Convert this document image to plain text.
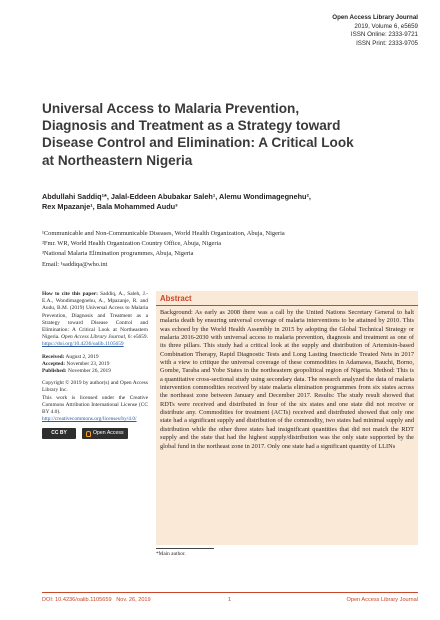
Open Access Library Journal
2019, Volume 6, e5659
ISSN Online: 2333-9721
ISSN Print: 2333-9705
Universal Access to Malaria Prevention, Diagnosis and Treatment as a Strategy toward Disease Control and Elimination: A Critical Look at Northeastern Nigeria
Abdullahi Saddiq¹*, Jalal-Eddeen Abubakar Saleh¹, Alemu Wondimagegnehu²,
Rex Mpazanje¹, Bala Mohammed Audu³
¹Communicable and Non-Communicable Diseases, World Health Organization, Abuja, Nigeria
²Fmr. WR, World Health Organization Country Office, Abuja, Nigeria
³National Malaria Elimination programmes, Abuja, Nigeria
Email: ¹saddiqa@who.int

How to cite this paper: Saddiq, A., Saleh, J.-E.A., Wondimagegnehu, A., Mpazanje, R. and Audu, B.M. (2019) Universal Access to Malaria Prevention, Diagnosis and Treatment as a Strategy toward Disease Control and Elimination: A Critical Look at Northeastern Nigeria. Open Access Library Journal, 6: e5659. https://doi.org/10.4236/oalib.1105659

Received: August 2, 2019
Accepted: November 23, 2019
Published: November 26, 2019

Copyright © 2019 by author(s) and Open Access Library Inc.
This work is licensed under the Creative Commons Attribution International License (CC BY 4.0).
http://creativecommons.org/licenses/by/4.0/

CC BY	Open Access
Abstract

Background: As early as 2008 there was a call by the United Nations Secretary General to halt malaria death by ensuring universal coverage of malaria interventions to be attained by 2010. This was echoed by the World Health Assembly in 2015 by adopting the Global Technical Strategy or malaria 2016-2030 with universal access to malaria prevention, diagnosis and treatment as one of its three pillars. This study had a critical look at the supply and distribution of Artemisin-based Combination Therapy, Rapid Diagnostic Tests and Long Lasting Insecticide Treated Nets in 2017 with a view to critique the universal coverage of these commodities in Adamawa, Bauchi, Borno, Gombe, Taraba and Yobe States in the northeastern geopolitical region of Nigeria. Method: This is a quantitative cross-sectional study using secondary data. The research analyzed the data of malaria intervention commodities received by state malaria elimination programmes from six states across the northeast zone between January and December 2017. Results: The study result showed that RDTs were received and distributed in four of the six states and one state did not receive or distribute any. Commodities for treatment (ACTs) received and distributed showed that only one state had a significant supply and distribution of the commodity, two states had minimal supply and distribution while the other three states had insignificant quantities that did not match the RDT supply and the state that had the highest supply/distribution was the only state supported by the global fund in the northeast zone in 2017. Only one state had a significant quantity of LLINs

*Main author.
DOI: 10.4236/oalib.1105659 Nov. 26, 2019	1	Open Access Library Journal
